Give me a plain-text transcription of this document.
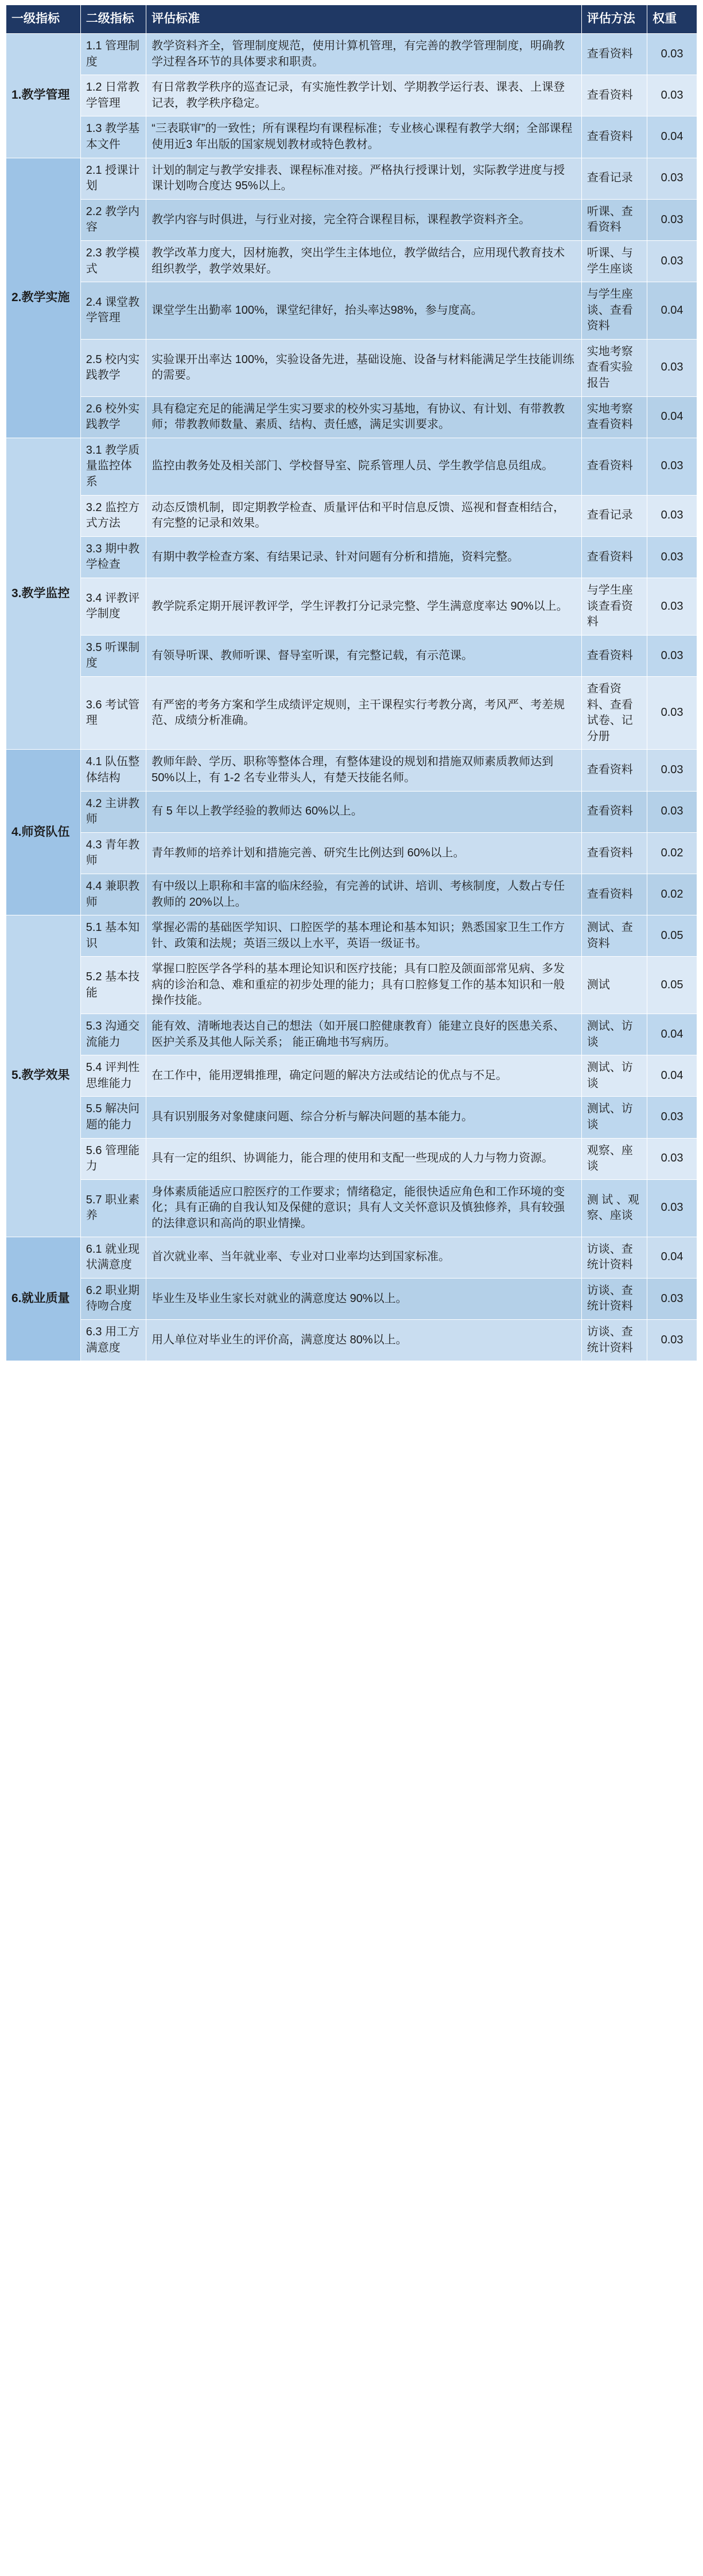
一级指标	二级指标	评估标准	评估方法	权重
1.教学管理	1.1 管理制度	教学资料齐全，管理制度规范，使用计算机管理，有完善的教学管理制度，明确教学过程各环节的具体要求和职责。	查看资料	0.03
	1.2 日常教学管理	有日常教学秩序的巡查记录，有实施性教学计划、学期教学运行表、课表、上课登记表，教学秩序稳定。	查看资料	0.03
	1.3 教学基本文件	“三表联审”的一致性；所有课程均有课程标准；专业核心课程有教学大纲；全部课程使用近3 年出版的国家规划教材或特色教材。	查看资料	0.04
2.教学实施	2.1 授课计划	计划的制定与教学安排表、课程标准对接。严格执行授课计划，实际教学进度与授课计划吻合度达 95%以上。	查看记录	0.03
	2.2 教学内容	教学内容与时俱进，与行业对接，完全符合课程目标，课程教学资料齐全。	听课、查看资料	0.03
	2.3 教学模式	教学改革力度大，因材施教，突出学生主体地位，教学做结合，应用现代教育技术组织教学，教学效果好。	听课、与学生座谈	0.03
	2.4 课堂教学管理	课堂学生出勤率 100%，课堂纪律好，抬头率达98%，参与度高。	与学生座谈、查看资料	0.04
	2.5 校内实践教学	实验课开出率达 100%，实验设备先进，基础设施、设备与材料能满足学生技能训练的需要。	实地考察查看实验报告	0.03
	2.6 校外实践教学	具有稳定充足的能满足学生实习要求的校外实习基地，有协议、有计划、有带教教师；带教教师数量、素质、结构、责任感，满足实训要求。	实地考察查看资料	0.04
3.教学监控	3.1 教学质量监控体系	监控由教务处及相关部门、学校督导室、院系管理人员、学生教学信息员组成。	查看资料	0.03
	3.2 监控方式方法	动态反馈机制，即定期教学检查、质量评估和平时信息反馈、巡视和督查相结合，有完整的记录和效果。	查看记录	0.03
	3.3 期中教学检查	有期中教学检查方案、有结果记录、针对问题有分析和措施，资料完整。	查看资料	0.03
	3.4 评教评学制度	教学院系定期开展评教评学，学生评教打分记录完整、学生满意度率达 90%以上。	与学生座谈查看资料	0.03
	3.5 听课制度	有领导听课、教师听课、督导室听课，有完整记载，有示范课。	查看资料	0.03
	3.6 考试管理	有严密的考务方案和学生成绩评定规则，主干课程实行考教分离，考风严、考差规范、成绩分析准确。	查看资料、查看试卷、记分册	0.03
4.师资队伍	4.1 队伍整体结构	教师年龄、学历、职称等整体合理，有整体建设的规划和措施双师素质教师达到 50%以上，有 1-2 名专业带头人，有楚天技能名师。	查看资料	0.03
	4.2 主讲教师	有 5 年以上教学经验的教师达 60%以上。	查看资料	0.03
	4.3 青年教师	青年教师的培养计划和措施完善、研究生比例达到 60%以上。	查看资料	0.02
	4.4 兼职教师	有中级以上职称和丰富的临床经验，有完善的试讲、培训、考核制度，人数占专任教师的 20%以上。	查看资料	0.02
5.教学效果	5.1 基本知识	掌握必需的基础医学知识、口腔医学的基本理论和基本知识；熟悉国家卫生工作方针、政策和法规；英语三级以上水平，英语一级证书。	测试、查资料	0.05
	5.2 基本技能	掌握口腔医学各学科的基本理论知识和医疗技能；具有口腔及颌面部常见病、多发病的诊治和急、难和重症的初步处理的能力；具有口腔修复工作的基本知识和一般操作技能。	测试	0.05
	5.3 沟通交流能力	能有效、清晰地表达自己的想法（如开展口腔健康教育）能建立良好的医患关系、医护关系及其他人际关系； 能正确地书写病历。	测试、访谈	0.04
	5.4 评判性思维能力	在工作中，能用逻辑推理，确定问题的解决方法或结论的优点与不足。	测试、访谈	0.04
	5.5 解决问题的能力	具有识别服务对象健康问题、综合分析与解决问题的基本能力。	测试、访谈	0.03
	5.6 管理能力	具有一定的组织、协调能力，能合理的使用和支配一些现成的人力与物力资源。	观察、座谈	0.03
	5.7 职业素养	身体素质能适应口腔医疗的工作要求；情绪稳定，能很快适应角色和工作环境的变化；具有正确的自我认知及保健的意识；具有人文关怀意识及慎独修养，具有较强的法律意识和高尚的职业情操。	测 试 、观察、座谈	0.03
6.就业质量	6.1 就业现状满意度	首次就业率、当年就业率、专业对口业率均达到国家标准。	访谈、查统计资料	0.04
	6.2 职业期待吻合度	毕业生及毕业生家长对就业的满意度达 90%以上。	访谈、查统计资料	0.03
	6.3 用工方满意度	用人单位对毕业生的评价高，满意度达 80%以上。	访谈、查统计资料	0.03
